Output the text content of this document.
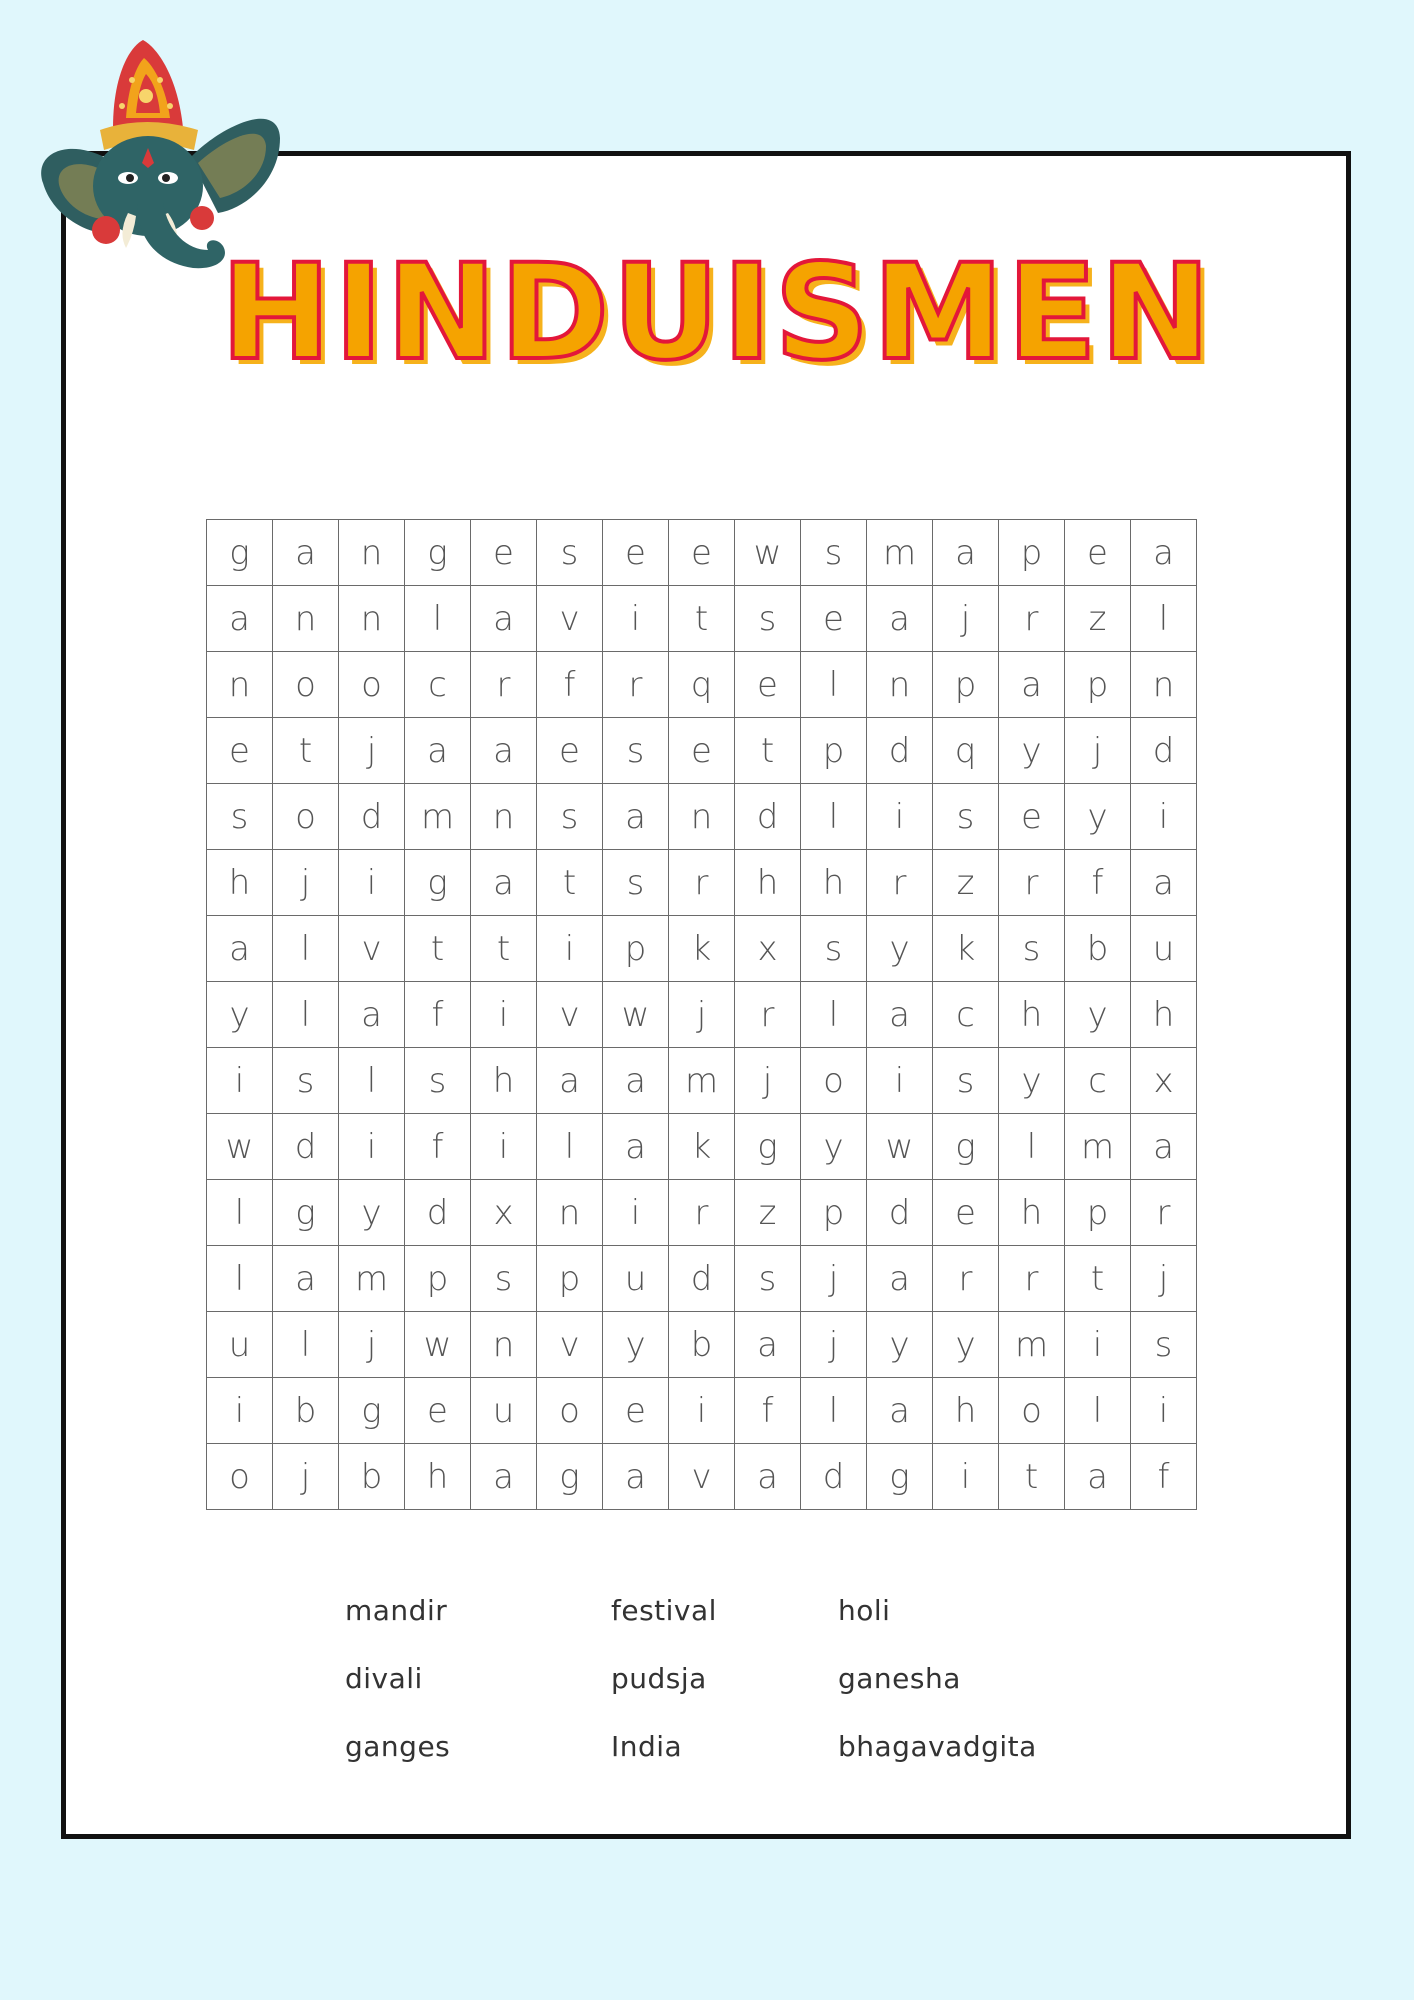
HINDUISMEN
g	a	n	g	e	s	e	e	w	s	m	a	p	e	a
a	n	n	l	a	v	i	t	s	e	a	j	r	z	l
n	o	o	c	r	f	r	q	e	l	n	p	a	p	n
e	t	j	a	a	e	s	e	t	p	d	q	y	j	d
s	o	d	m	n	s	a	n	d	l	i	s	e	y	i
h	j	i	g	a	t	s	r	h	h	r	z	r	f	a
a	l	v	t	t	i	p	k	x	s	y	k	s	b	u
y	l	a	f	i	v	w	j	r	l	a	c	h	y	h
i	s	l	s	h	a	a	m	j	o	i	s	y	c	x
w	d	i	f	i	l	a	k	g	y	w	g	l	m	a
l	g	y	d	x	n	i	r	z	p	d	e	h	p	r
l	a	m	p	s	p	u	d	s	j	a	r	r	t	j
u	l	j	w	n	v	y	b	a	j	y	y	m	i	s
i	b	g	e	u	o	e	i	f	l	a	h	o	l	i
o	j	b	h	a	g	a	v	a	d	g	i	t	a	f
mandir	festival	holi
divali	pudsja	ganesha
ganges	India	bhagavadgita
